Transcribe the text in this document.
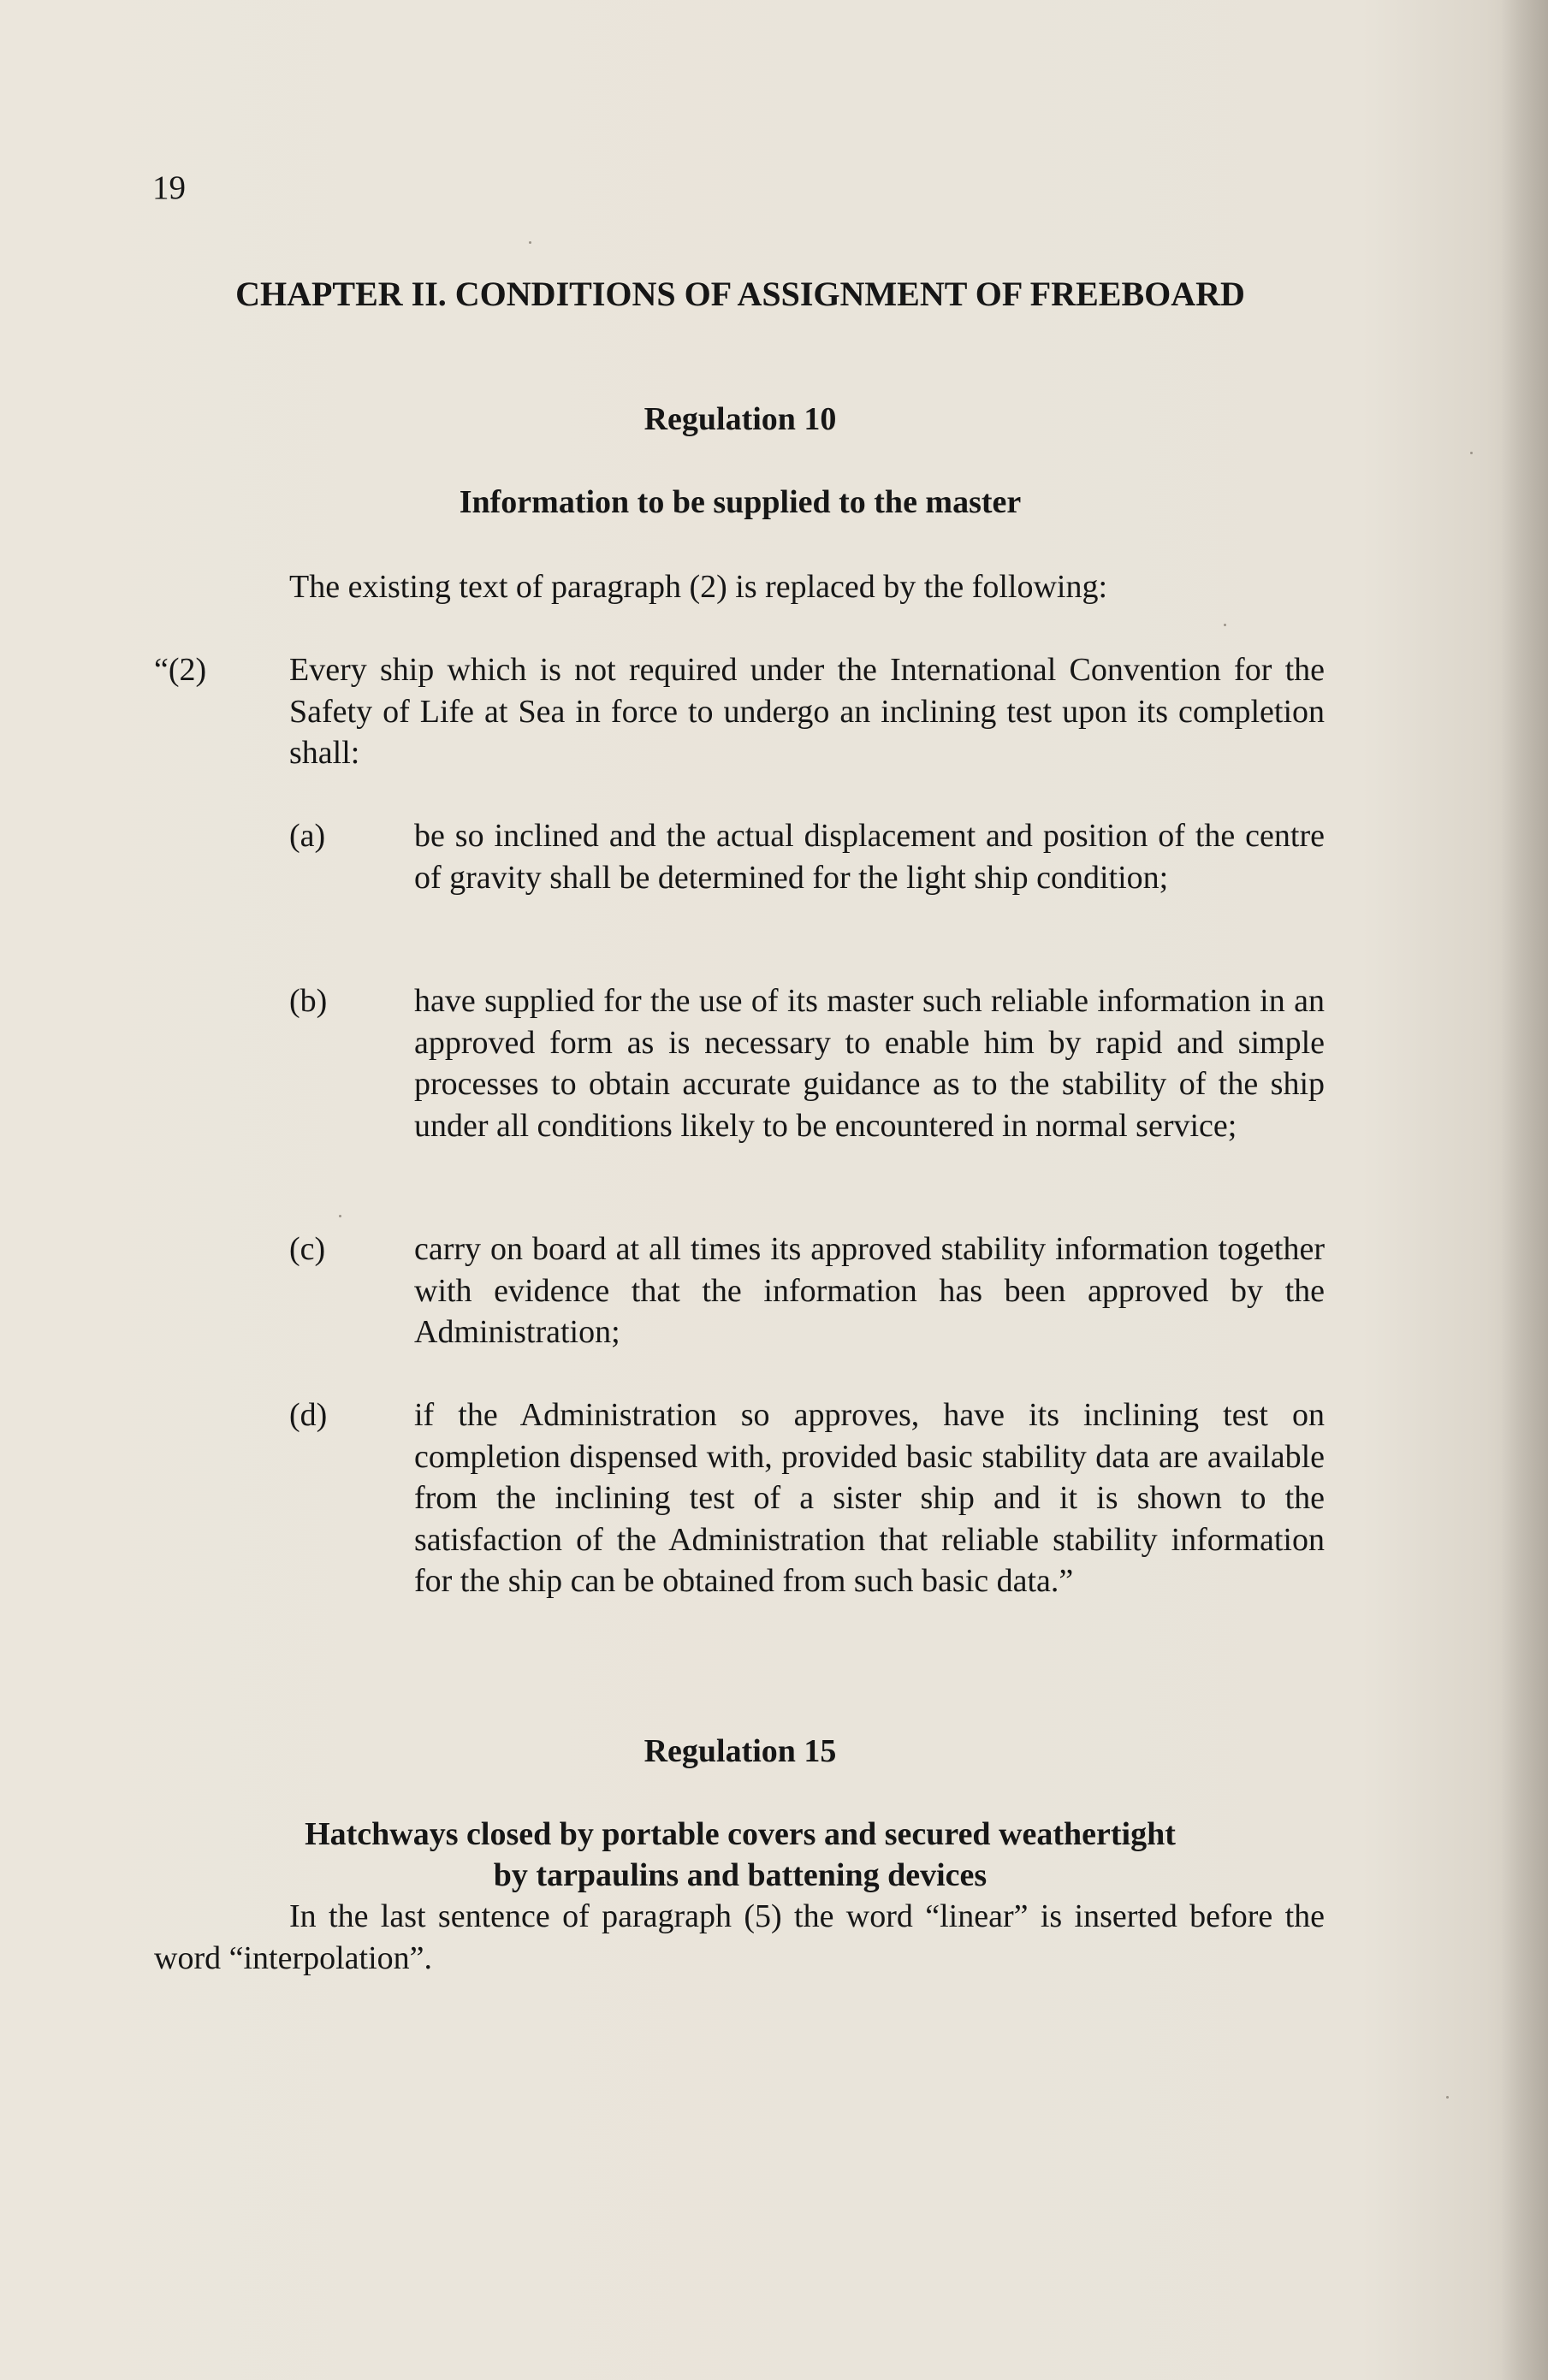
19
CHAPTER II. CONDITIONS OF ASSIGNMENT OF FREEBOARD
Regulation 10
Information to be supplied to the master

The existing text of paragraph (2) is replaced by the following:

“(2)	Every ship which is not required under the International Convention for the Safety of Life at Sea in force to undergo an inclining test upon its completion shall:

(a)	be so inclined and the actual displacement and position of the centre of gravity shall be determined for the light ship condition;

(b)	have supplied for the use of its master such reliable information in an approved form as is necessary to enable him by rapid and simple processes to obtain accurate guidance as to the stability of the ship under all conditions likely to be encountered in normal service;

(c)	carry on board at all times its approved stability information together with evidence that the information has been approved by the Administration;

(d)	if the Administration so approves, have its inclining test on completion dispensed with, provided basic stability data are available from the inclining test of a sister ship and it is shown to the satisfaction of the Administration that reliable stability information for the ship can be obtained from such basic data.”

Regulation 15
Hatchways closed by portable covers and secured weathertight
by tarpaulins and battening devices

In the last sentence of paragraph (5) the word “linear” is inserted before the word “interpolation”.
